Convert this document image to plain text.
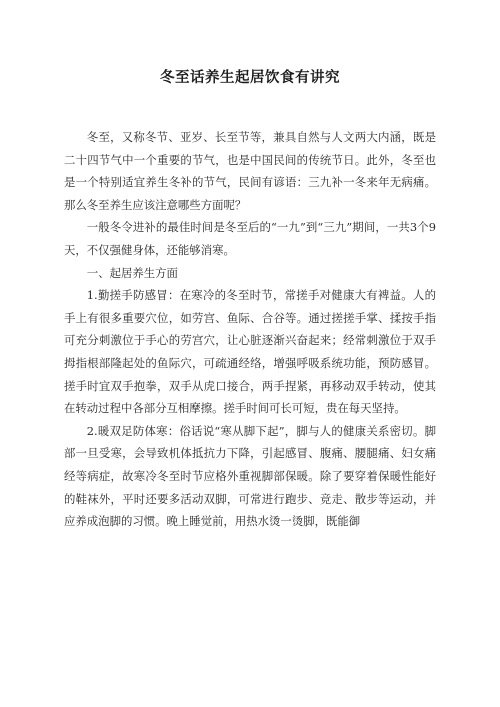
冬至话养生起居饮食有讲究

冬至，又称冬节、亚岁、长至节等，兼具自然与人文两大内涵，既是二十四节气中一个重要的节气，也是中国民间的传统节日。此外，冬至也是一个特别适宜养生冬补的节气，民间有谚语：三九补一冬来年无病痛。那么冬至养生应该注意哪些方面呢？

一般冬令进补的最佳时间是冬至后的“一九”到“三九”期间，一共3个9天，不仅强健身体，还能够消寒。

一、起居养生方面

1.勤搓手防感冒：在寒冷的冬至时节，常搓手对健康大有裨益。人的手上有很多重要穴位，如劳宫、鱼际、合谷等。通过搓搓手掌、揉按手指可充分刺激位于手心的劳宫穴，让心脏逐渐兴奋起来；经常刺激位于双手拇指根部隆起处的鱼际穴，可疏通经络，增强呼吸系统功能，预防感冒。搓手时宜双手抱拳，双手从虎口接合，两手捏紧，再移动双手转动，使其在转动过程中各部分互相摩擦。搓手时间可长可短，贵在每天坚持。

2.暖双足防体寒：俗话说“寒从脚下起”，脚与人的健康关系密切。脚部一旦受寒，会导致机体抵抗力下降，引起感冒、腹痛、腰腿痛、妇女痛经等病症，故寒冷冬至时节应格外重视脚部保暖。除了要穿着保暖性能好的鞋袜外，平时还要多活动双脚，可常进行跑步、竞走、散步等运动，并应养成泡脚的习惯。晚上睡觉前，用热水烫一烫脚，既能御
